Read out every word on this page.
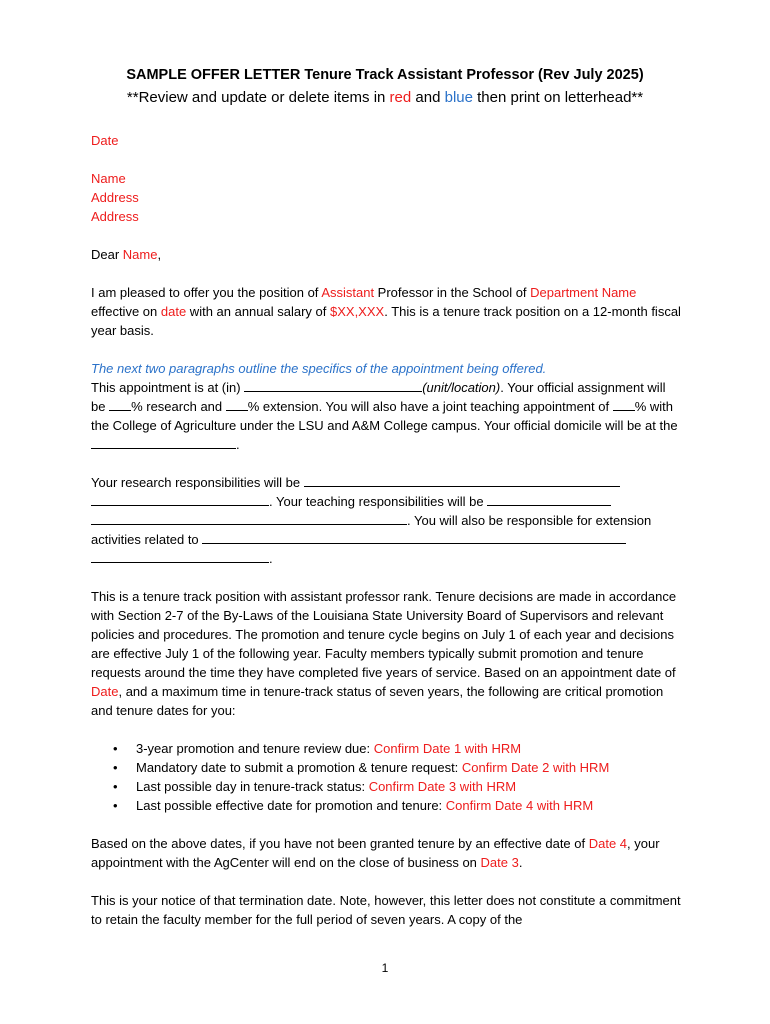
SAMPLE OFFER LETTER Tenure Track Assistant Professor (Rev July 2025)
**Review and update or delete items in red and blue then print on letterhead**

Date

Name

Address

Address

Dear Name,

I am pleased to offer you the position of Assistant Professor in the School of Department Name effective on date with an annual salary of $XX,XXX. This is a tenure track position on a 12-month fiscal year basis.

The next two paragraphs outline the specifics of the appointment being offered.

This appointment is at (in)	(unit/location). Your official assignment will be % research and % extension. You will also have a joint teaching appointment of % with the College of Agriculture under the LSU and A&M College campus. Your official domicile will be at the .

Your research responsibilities will be  . Your teaching responsibilities will be  . You will also be responsible for extension activities related to  .

This is a tenure track position with assistant professor rank. Tenure decisions are made in accordance with Section 2-7 of the By-Laws of the Louisiana State University Board of Supervisors and relevant policies and procedures. The promotion and tenure cycle begins on July 1 of each year and decisions are effective July 1 of the following year. Faculty members typically submit promotion and tenure requests around the time they have completed five years of service. Based on an appointment date of Date, and a maximum time in tenure-track status of seven years, the following are critical promotion and tenure dates for you:

• 3-year promotion and tenure review due: Confirm Date 1 with HRM
• Mandatory date to submit a promotion & tenure request: Confirm Date 2 with HRM
• Last possible day in tenure-track status: Confirm Date 3 with HRM
• Last possible effective date for promotion and tenure: Confirm Date 4 with HRM

Based on the above dates, if you have not been granted tenure by an effective date of Date 4, your appointment with the AgCenter will end on the close of business on Date 3.

This is your notice of that termination date. Note, however, this letter does not constitute a commitment to retain the faculty member for the full period of seven years. A copy of the

1
